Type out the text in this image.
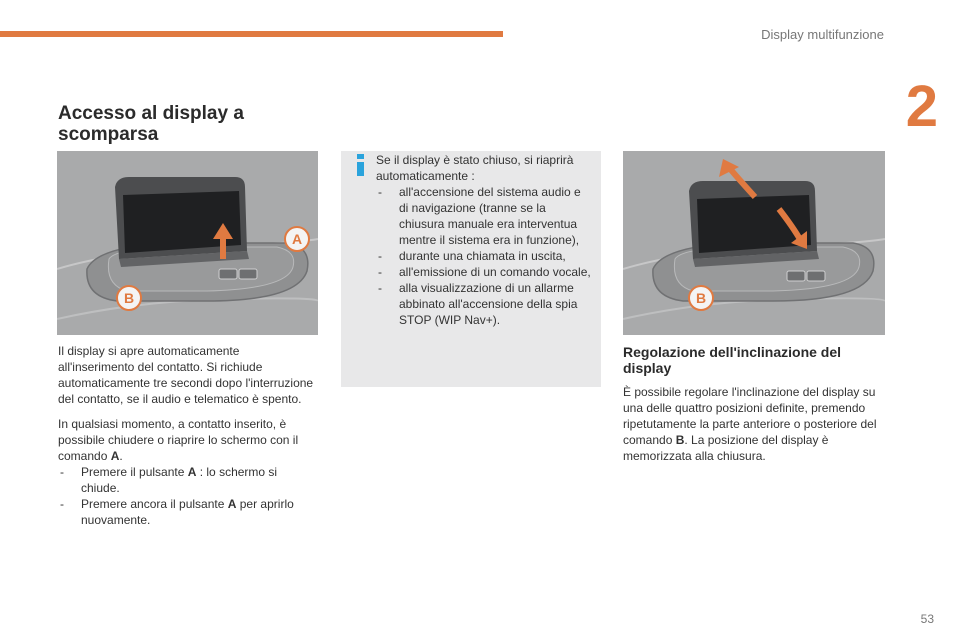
Display multifunzione
2
Accesso al display a scomparsa
A
B

Il display si apre automaticamente all'inserimento del contatto. Si richiude automaticamente tre secondi dopo l'interruzione del contatto, se il audio e telematico è spento.

In qualsiasi momento, a contatto inserito, è possibile chiudere o riaprire lo schermo con il comando A.

- Premere il pulsante A : lo schermo si chiude.
- Premere ancora il pulsante A per aprirlo nuovamente.
Se il display è stato chiuso, si riaprirà automaticamente :
- all'accensione del sistema audio e di navigazione (tranne se la chiusura manuale era interventua mentre il sistema era in funzione),
- durante una chiamata in uscita,
- all'emissione di un comando vocale,
- alla visualizzazione di un allarme abbinato all'accensione della spia STOP (WIP Nav+).
B
Regolazione dell'inclinazione del display

È possibile regolare l'inclinazione del display su una delle quattro posizioni definite, premendo ripetutamente la parte anteriore o posteriore del comando B. La posizione del display è memorizzata alla chiusura.

53
